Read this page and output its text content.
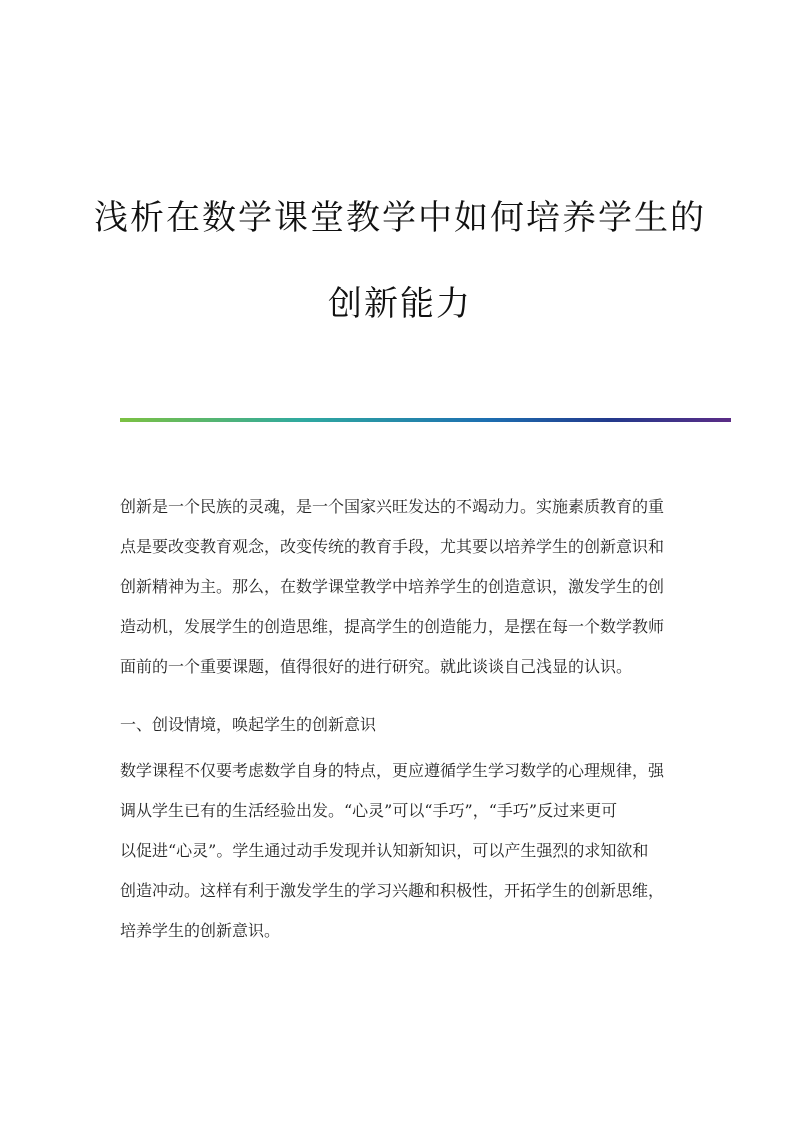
浅析在数学课堂教学中如何培养学生的
创新能力
创新是一个民族的灵魂，是一个国家兴旺发达的不竭动力。实施素质教育的重
点是要改变教育观念，改变传统的教育手段，尤其要以培养学生的创新意识和
创新精神为主。那么，在数学课堂教学中培养学生的创造意识，激发学生的创
造动机，发展学生的创造思维，提高学生的创造能力，是摆在每一个数学教师
面前的一个重要课题，值得很好的进行研究。就此谈谈自己浅显的认识。
一、创设情境，唤起学生的创新意识
数学课程不仅要考虑数学自身的特点，更应遵循学生学习数学的心理规律，强
调从学生已有的生活经验出发。“心灵”可以“手巧”，“手巧”反过来更可
以促进“心灵”。学生通过动手发现并认知新知识，可以产生强烈的求知欲和
创造冲动。这样有利于激发学生的学习兴趣和积极性，开拓学生的创新思维，
培养学生的创新意识。
